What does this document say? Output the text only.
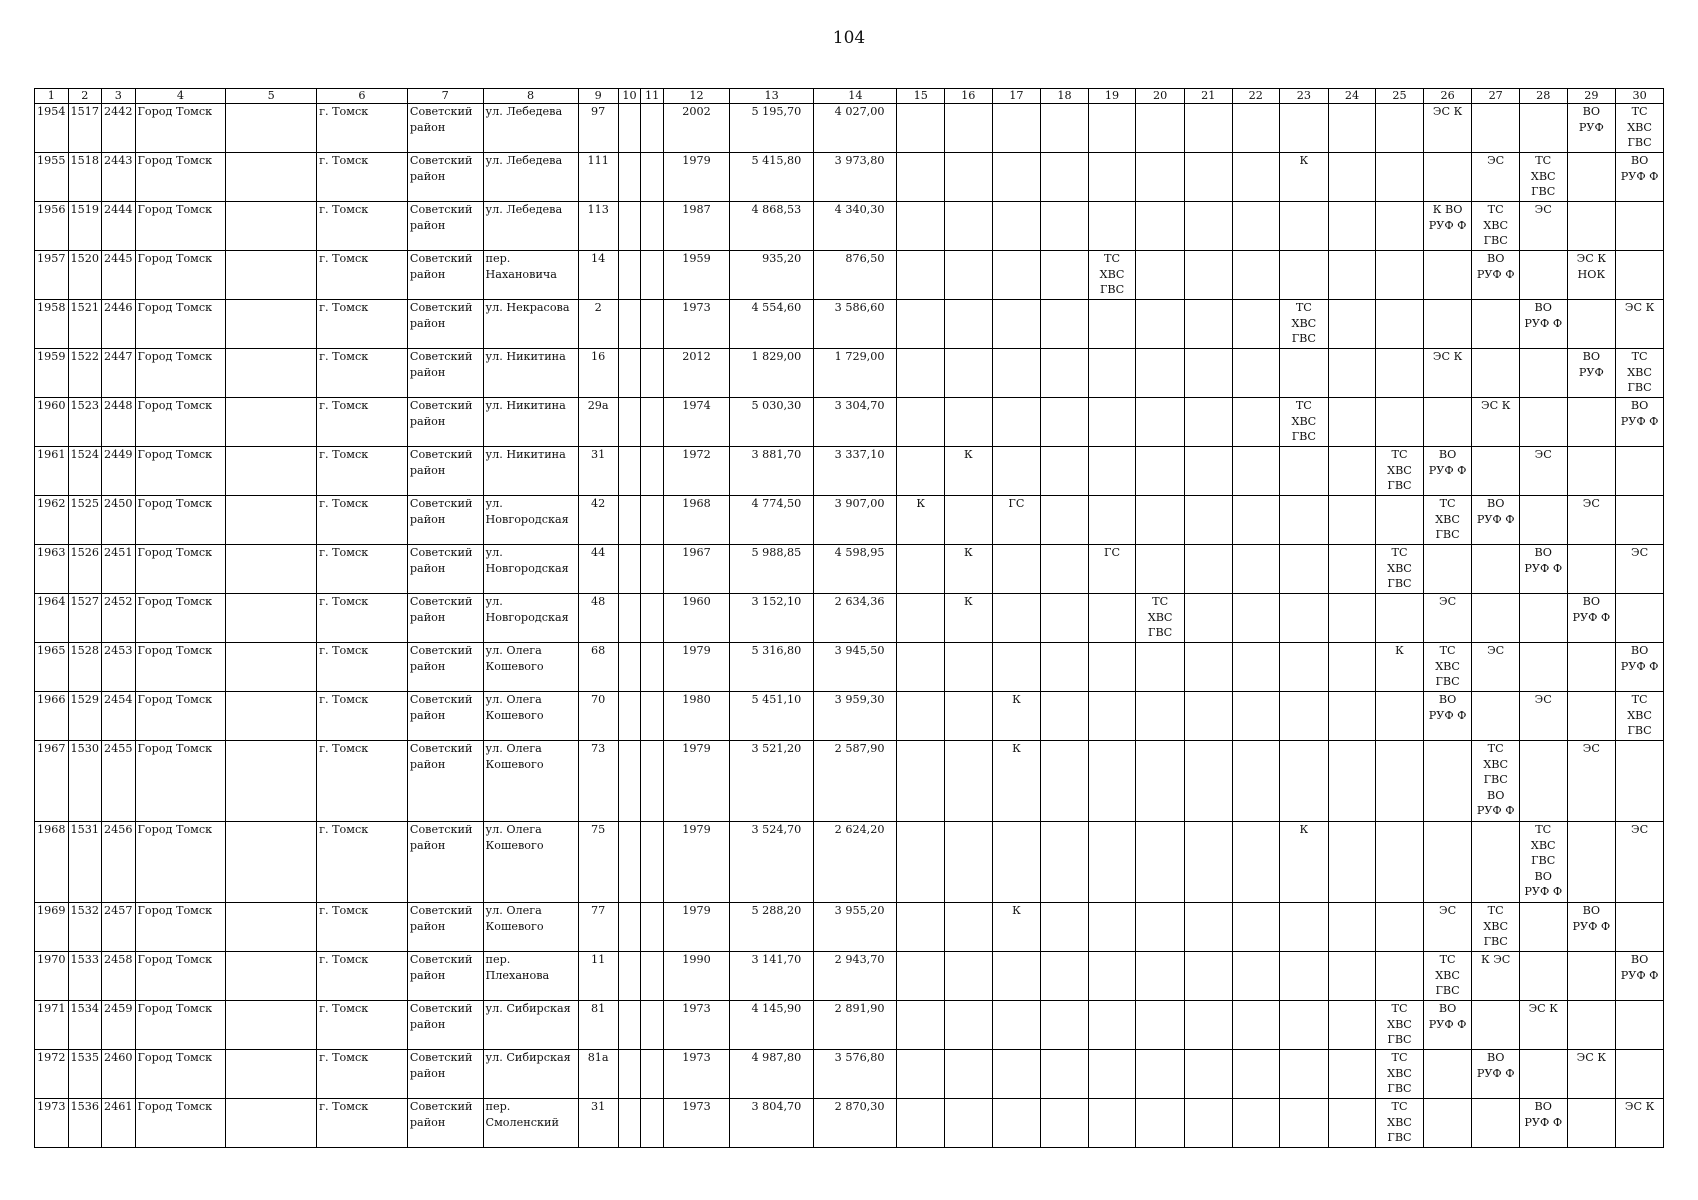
104
1	2	3	4	5	6	7	8	9	10	11	12	13	14	15	16	17	18	19	20	21	22	23	24	25	26	27	28	29	30
1954	1517	2442	Город Томск		г. Томск	Советский район	ул. Лебедева	97			2002	5 195,70	4 027,00												ЭС К			ВО РУФ	ТС ХВС ГВС
1955	1518	2443	Город Томск		г. Томск	Советский район	ул. Лебедева	111			1979	5 415,80	3 973,80									К				ЭС	ТС ХВС ГВС		ВО РУФ Ф
1956	1519	2444	Город Томск		г. Томск	Советский район	ул. Лебедева	113			1987	4 868,53	4 340,30												К ВО РУФ Ф	ТС ХВС ГВС	ЭС		
1957	1520	2445	Город Томск		г. Томск	Советский район	пер. Нахановича	14			1959	935,20	876,50					ТС ХВС ГВС								ВО РУФ Ф		ЭС К НОК	
1958	1521	2446	Город Томск		г. Томск	Советский район	ул. Некрасова	2			1973	4 554,60	3 586,60									ТС ХВС ГВС					ВО РУФ Ф		ЭС К
1959	1522	2447	Город Томск		г. Томск	Советский район	ул. Никитина	16			2012	1 829,00	1 729,00												ЭС К			ВО РУФ	ТС ХВС ГВС
1960	1523	2448	Город Томск		г. Томск	Советский район	ул. Никитина	29а			1974	5 030,30	3 304,70									ТС ХВС ГВС				ЭС К			ВО РУФ Ф
1961	1524	2449	Город Томск		г. Томск	Советский район	ул. Никитина	31			1972	3 881,70	3 337,10		К									ТС ХВС ГВС	ВО РУФ Ф		ЭС		
1962	1525	2450	Город Томск		г. Томск	Советский район	ул. Новгородская	42			1968	4 774,50	3 907,00	К		ГС									ТС ХВС ГВС	ВО РУФ Ф		ЭС	
1963	1526	2451	Город Томск		г. Томск	Советский район	ул. Новгородская	44			1967	5 988,85	4 598,95		К			ГС						ТС ХВС ГВС			ВО РУФ Ф		ЭС
1964	1527	2452	Город Томск		г. Томск	Советский район	ул. Новгородская	48			1960	3 152,10	2 634,36		К				ТС ХВС ГВС						ЭС			ВО РУФ Ф	
1965	1528	2453	Город Томск		г. Томск	Советский район	ул. Олега Кошевого	68			1979	5 316,80	3 945,50											К	ТС ХВС ГВС	ЭС			ВО РУФ Ф
1966	1529	2454	Город Томск		г. Томск	Советский район	ул. Олега Кошевого	70			1980	5 451,10	3 959,30			К									ВО РУФ Ф		ЭС		ТС ХВС ГВС
1967	1530	2455	Город Томск		г. Томск	Советский район	ул. Олега Кошевого	73			1979	3 521,20	2 587,90			К										ТС ХВС ГВС ВО РУФ Ф		ЭС	
1968	1531	2456	Город Томск		г. Томск	Советский район	ул. Олега Кошевого	75			1979	3 524,70	2 624,20									К					ТС ХВС ГВС ВО РУФ Ф		ЭС
1969	1532	2457	Город Томск		г. Томск	Советский район	ул. Олега Кошевого	77			1979	5 288,20	3 955,20			К									ЭС	ТС ХВС ГВС		ВО РУФ Ф	
1970	1533	2458	Город Томск		г. Томск	Советский район	пер. Плеханова	11			1990	3 141,70	2 943,70												ТС ХВС ГВС	К ЭС			ВО РУФ Ф
1971	1534	2459	Город Томск		г. Томск	Советский район	ул. Сибирская	81			1973	4 145,90	2 891,90											ТС ХВС ГВС	ВО РУФ Ф		ЭС К		
1972	1535	2460	Город Томск		г. Томск	Советский район	ул. Сибирская	81а			1973	4 987,80	3 576,80											ТС ХВС ГВС		ВО РУФ Ф		ЭС К	
1973	1536	2461	Город Томск		г. Томск	Советский район	пер. Смоленский	31			1973	3 804,70	2 870,30											ТС ХВС ГВС			ВО РУФ Ф		ЭС К
